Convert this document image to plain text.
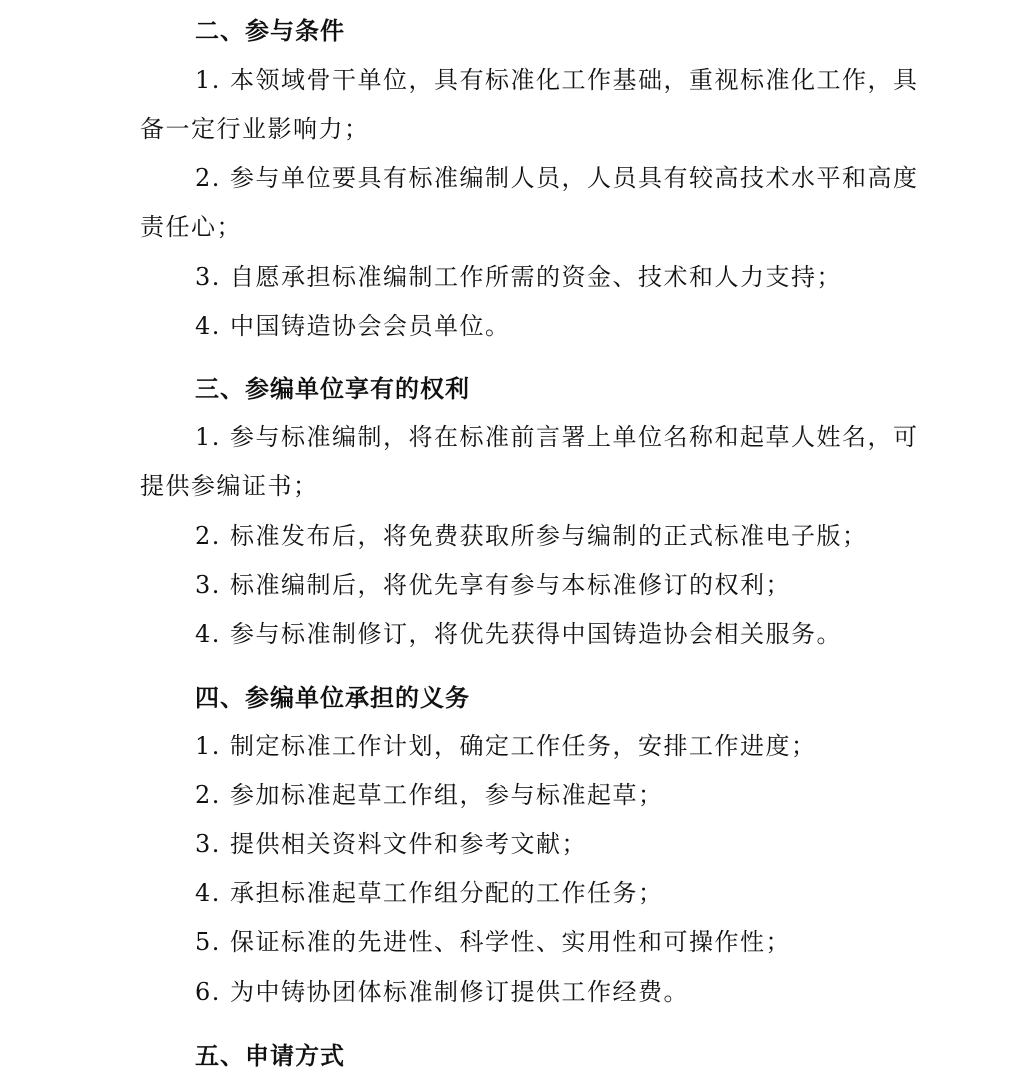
二、参与条件

1. 本领域骨干单位，具有标准化工作基础，重视标准化工作，具备一定行业影响力；

2. 参与单位要具有标准编制人员，人员具有较高技术水平和高度责任心；

3. 自愿承担标准编制工作所需的资金、技术和人力支持；

4. 中国铸造协会会员单位。

三、参编单位享有的权利

1. 参与标准编制，将在标准前言署上单位名称和起草人姓名，可提供参编证书；

2. 标准发布后，将免费获取所参与编制的正式标准电子版；

3. 标准编制后，将优先享有参与本标准修订的权利；

4. 参与标准制修订，将优先获得中国铸造协会相关服务。

四、参编单位承担的义务

1. 制定标准工作计划，确定工作任务，安排工作进度；

2. 参加标准起草工作组，参与标准起草；

3. 提供相关资料文件和参考文献；

4. 承担标准起草工作组分配的工作任务；

5. 保证标准的先进性、科学性、实用性和可操作性；

6. 为中铸协团体标准制修订提供工作经费。

五、申请方式
